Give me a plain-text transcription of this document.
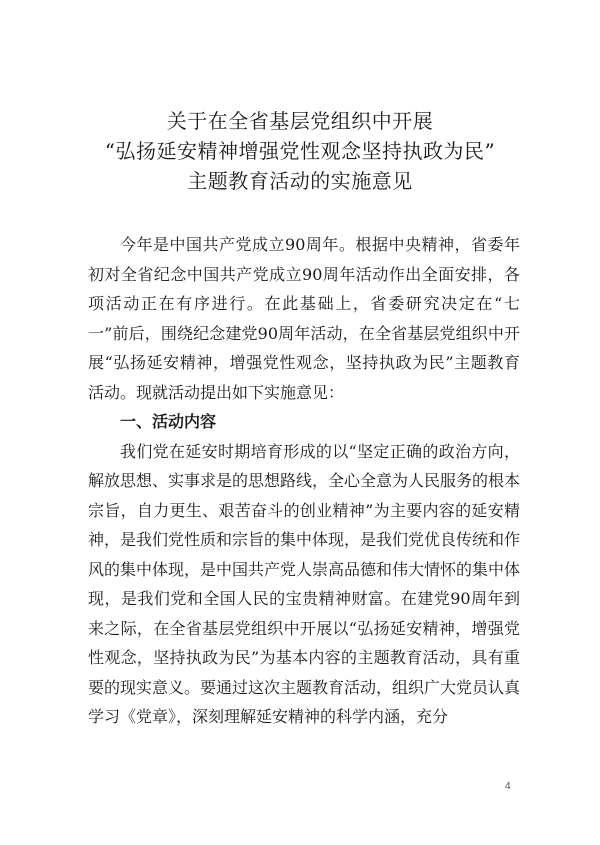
关于在全省基层党组织中开展

“弘扬延安精神增强党性观念坚持执政为民”

主题教育活动的实施意见

今年是中国共产党成立90周年。根据中央精神，省委年初对全省纪念中国共产党成立90周年活动作出全面安排，各项活动正在有序进行。在此基础上，省委研究决定在“七一”前后，围绕纪念建党90周年活动，在全省基层党组织中开展“弘扬延安精神，增强党性观念，坚持执政为民”主题教育活动。现就活动提出如下实施意见：

一、活动内容

我们党在延安时期培育形成的以“坚定正确的政治方向，解放思想、实事求是的思想路线，全心全意为人民服务的根本宗旨，自力更生、艰苦奋斗的创业精神”为主要内容的延安精神，是我们党性质和宗旨的集中体现，是我们党优良传统和作风的集中体现，是中国共产党人崇高品德和伟大情怀的集中体现，是我们党和全国人民的宝贵精神财富。在建党90周年到来之际，在全省基层党组织中开展以“弘扬延安精神，增强党性观念，坚持执政为民”为基本内容的主题教育活动，具有重要的现实意义。要通过这次主题教育活动，组织广大党员认真学习《党章》，深刻理解延安精神的科学内涵，充分

4
